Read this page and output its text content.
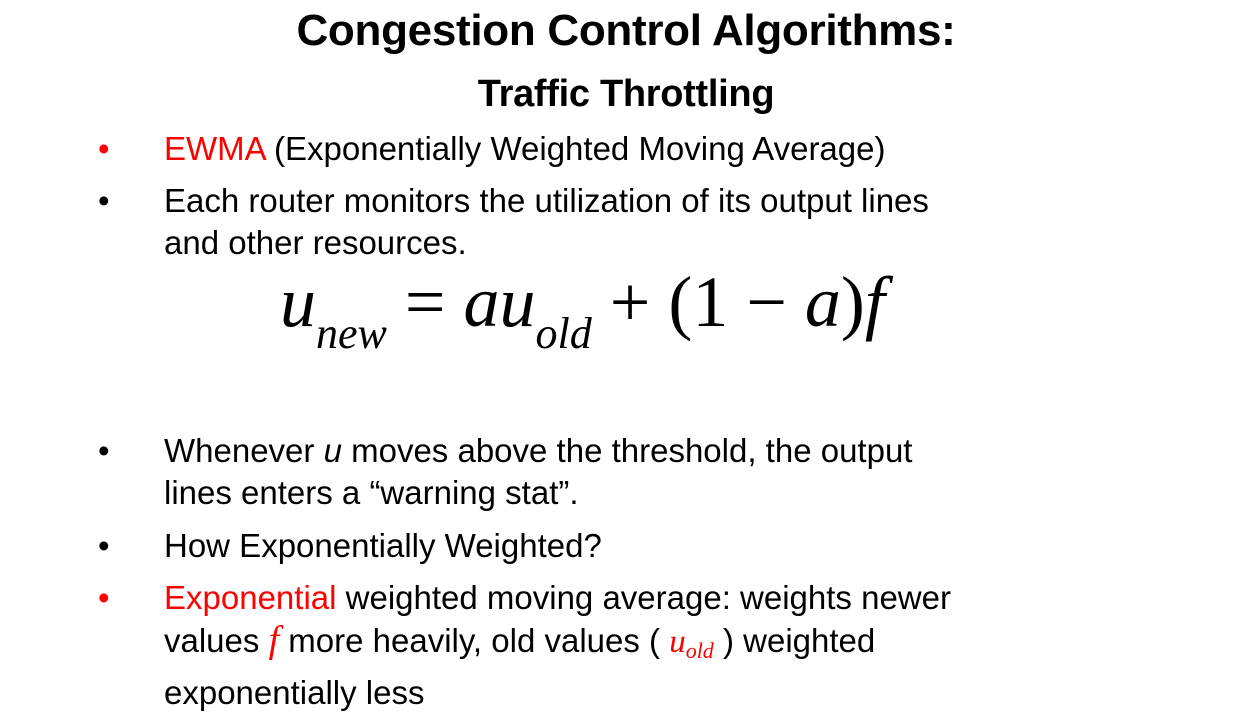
Congestion Control Algorithms:
Traffic Throttling
• EWMA (Exponentially Weighted Moving Average)
• Each router monitors the utilization of its output lines
and other resources.
$u_{new} = au_{old} + (1 - a)f$
• Whenever u moves above the threshold, the output
lines enters a “warning stat”.
• How Exponentially Weighted?
• Exponential weighted moving average: weights newer
values f more heavily, old values ( $u_{old}$ ) weighted
exponentially less
